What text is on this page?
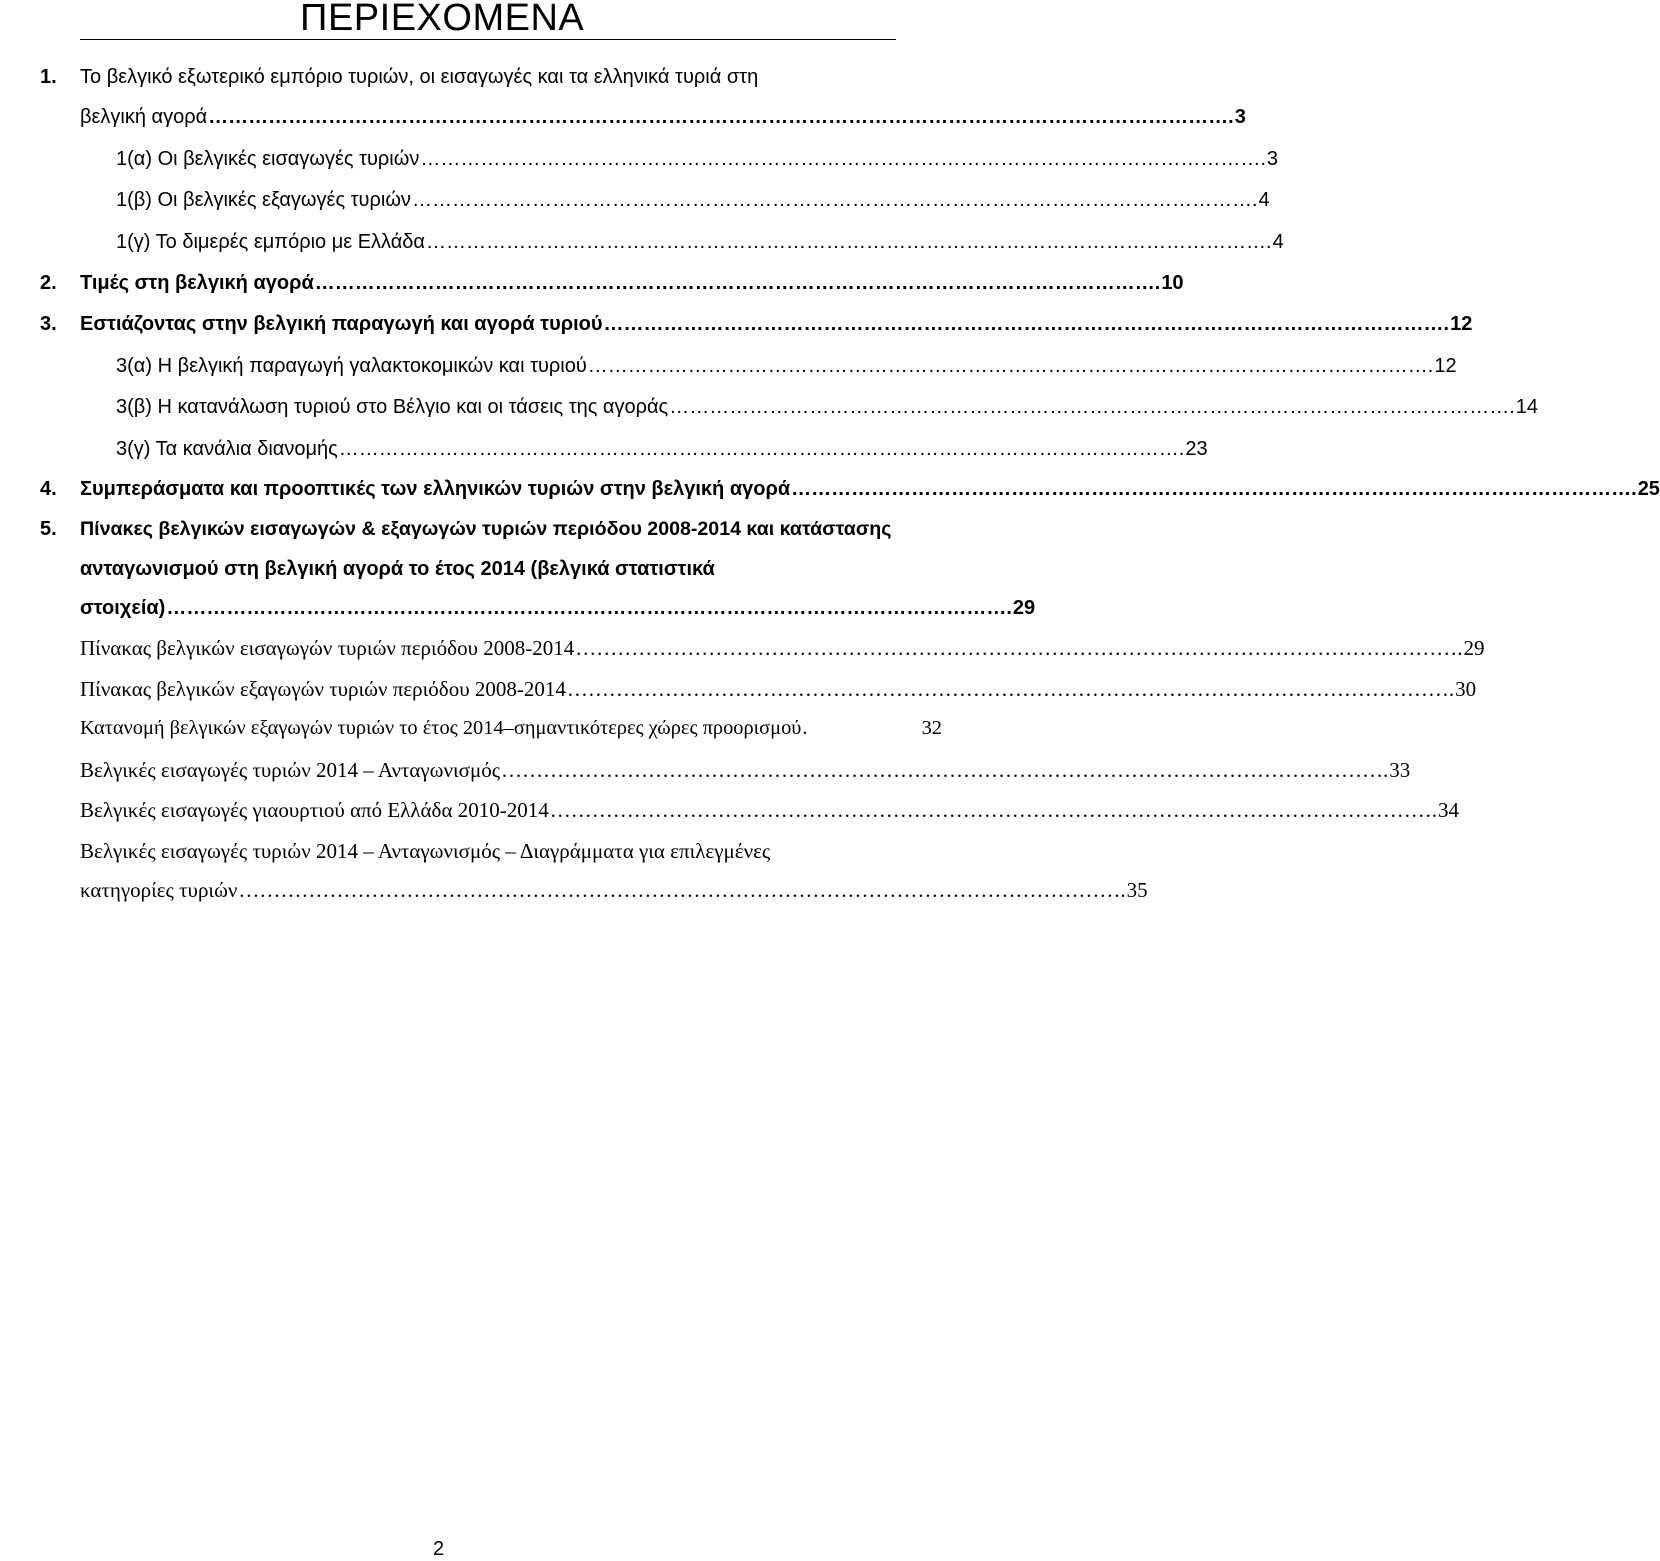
ΠΕΡΙΕΧΟΜΕΝΑ
1. Το βελγικό εξωτερικό εμπόριο τυριών, οι εισαγωγές και τα ελληνικά τυριά στη
βελγική αγορά ………………………………………………………………………………………………………………………………………. 3
1(α) Οι βελγικές εισαγωγές τυριών ………………………………………………………………………………………………………………. 3
1(β) Οι βελγικές εξαγωγές τυριών ………………………………………………………………………………………………………………. 4
1(γ) Το διμερές εμπόριο με Ελλάδα ………………………………………………………………………………………………………………. 4
2. Τιμές στη βελγική αγορά ………………………………………………………………………………………………………………. 10
3. Εστιάζοντας στην βελγική παραγωγή και αγορά τυριού ………………………………………………………………………………………………………………. 12
3(α) Η βελγική παραγωγή γαλακτοκομικών και τυριού ………………………………………………………………………………………………………………. 12
3(β) Η κατανάλωση τυριού στο Βέλγιο και οι τάσεις της αγοράς ………………………………………………………………………………………………………………. 14
3(γ) Τα κανάλια διανομής ………………………………………………………………………………………………………………. 23
4. Συμπεράσματα και προοπτικές των ελληνικών τυριών στην βελγική αγορά ………………………………………………………………………………………………………………. 25
5. Πίνακες βελγικών εισαγωγών & εξαγωγών τυριών περιόδου 2008-2014 και κατάστασης
ανταγωνισμού στη βελγική αγορά το έτος 2014 (βελγικά στατιστικά
στοιχεία) ………………………………………………………………………………………………………………. 29
Πίνακας βελγικών εισαγωγών τυριών περιόδου 2008-2014 ………………………………………………………………………………………………………………. 29
Πίνακας βελγικών εξαγωγών τυριών περιόδου 2008-2014 ………………………………………………………………………………………………………………. 30
Κατανομή βελγικών εξαγωγών τυριών το έτος 2014–σημαντικότερες χώρες προορισμού .	32
Βελγικές εισαγωγές τυριών 2014 – Ανταγωνισμός ………………………………………………………………………………………………………………. 33
Βελγικές εισαγωγές γιαουρτιού από Ελλάδα 2010-2014 ………………………………………………………………………………………………………………. 34
Βελγικές εισαγωγές τυριών 2014 – Ανταγωνισμός – Διαγράμματα για επιλεγμένες
κατηγορίες τυριών ………………………………………………………………………………………………………………. 35
2
